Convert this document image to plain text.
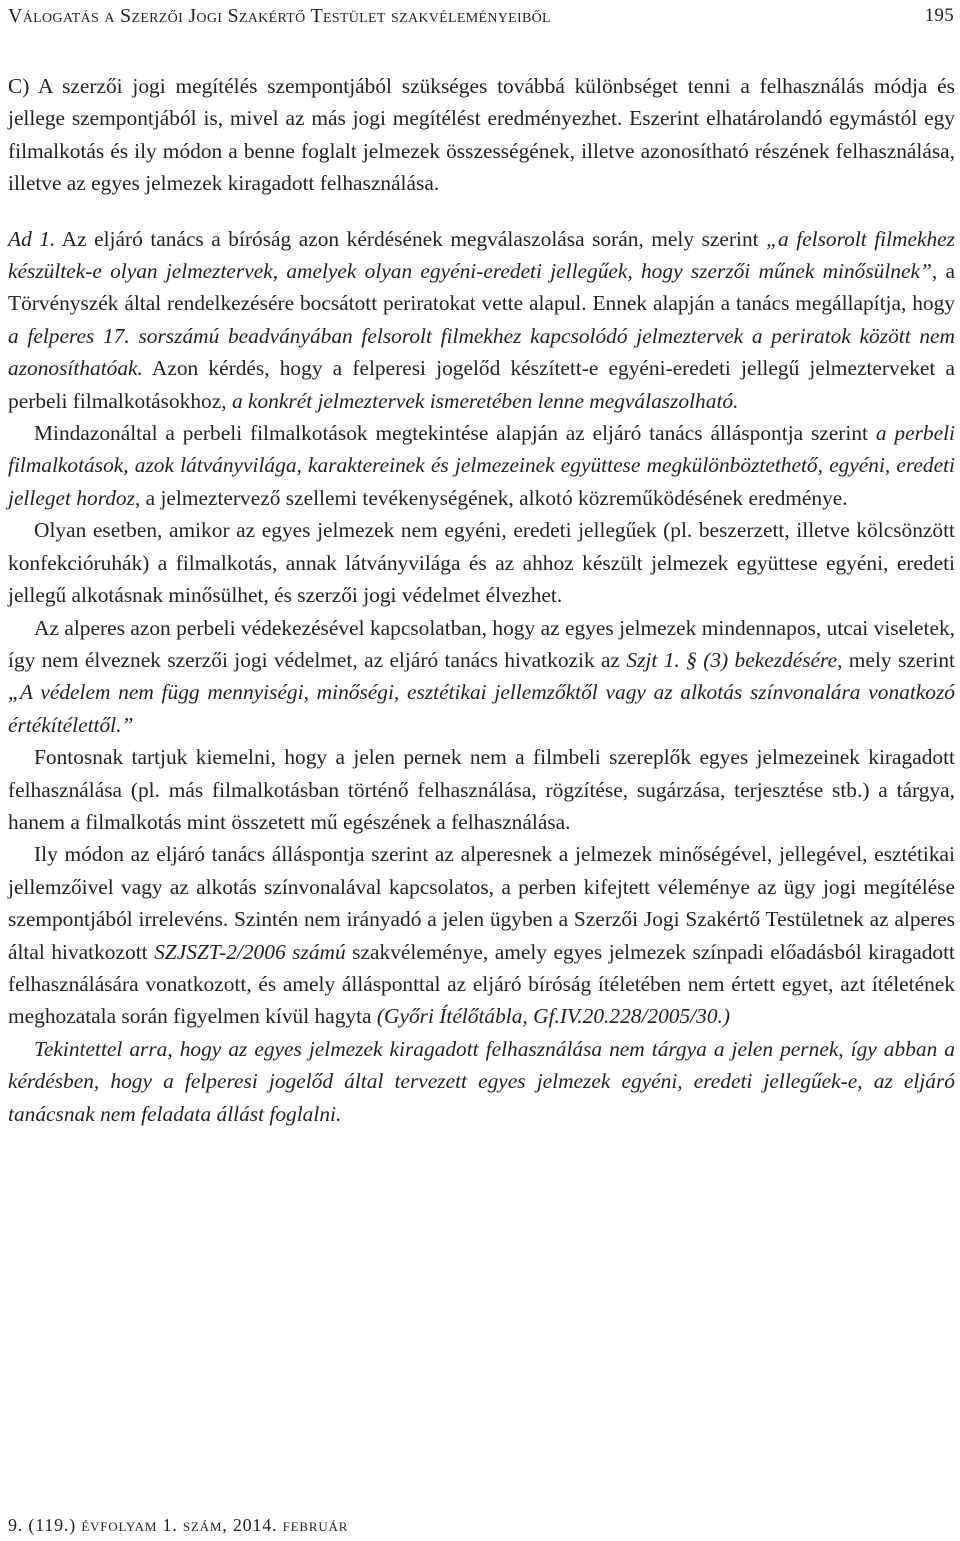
Válogatás a Szerzői Jogi Szakértő Testület szakvéleményeiből	195

C) A szerzői jogi megítélés szempontjából szükséges továbbá különbséget tenni a felhasználás módja és jellege szempontjából is, mivel az más jogi megítélést eredményezhet. Eszerint elhatárolandó egymástól egy filmalkotás és ily módon a benne foglalt jelmezek összességének, illetve azonosítható részének felhasználása, illetve az egyes jelmezek kiragadott felhasználása.

Ad 1. Az eljáró tanács a bíróság azon kérdésének megválaszolása során, mely szerint „a felsorolt filmekhez készültek-e olyan jelmeztervek, amelyek olyan egyéni-eredeti jellegűek, hogy szerzői műnek minősülnek”, a Törvényszék által rendelkezésére bocsátott periratokat vette alapul. Ennek alapján a tanács megállapítja, hogy a felperes 17. sorszámú beadványában felsorolt filmekhez kapcsolódó jelmeztervek a periratok között nem azonosíthatóak. Azon kérdés, hogy a felperesi jogelőd készített-e egyéni-eredeti jellegű jelmezterveket a perbeli filmalkotásokhoz, a konkrét jelmeztervek ismeretében lenne megválaszolható.

Mindazonáltal a perbeli filmalkotások megtekintése alapján az eljáró tanács álláspontja szerint a perbeli filmalkotások, azok látványvilága, karaktereinek és jelmezeinek együttese megkülönböztethető, egyéni, eredeti jelleget hordoz, a jelmeztervező szellemi tevékenységének, alkotó közreműködésének eredménye.

Olyan esetben, amikor az egyes jelmezek nem egyéni, eredeti jellegűek (pl. beszerzett, illetve kölcsönzött konfekcióruhák) a filmalkotás, annak látványvilága és az ahhoz készült jelmezek együttese egyéni, eredeti jellegű alkotásnak minősülhet, és szerzői jogi védelmet élvezhet.

Az alperes azon perbeli védekezésével kapcsolatban, hogy az egyes jelmezek mindennapos, utcai viseletek, így nem élveznek szerzői jogi védelmet, az eljáró tanács hivatkozik az Szjt 1. § (3) bekezdésére, mely szerint „A védelem nem függ mennyiségi, minőségi, esztétikai jellemzőktől vagy az alkotás színvonalára vonatkozó értékítélettől.”

Fontosnak tartjuk kiemelni, hogy a jelen pernek nem a filmbeli szereplők egyes jelmezeinek kiragadott felhasználása (pl. más filmalkotásban történő felhasználása, rögzítése, sugárzása, terjesztése stb.) a tárgya, hanem a filmalkotás mint összetett mű egészének a felhasználása.

Ily módon az eljáró tanács álláspontja szerint az alperesnek a jelmezek minőségével, jellegével, esztétikai jellemzőivel vagy az alkotás színvonalával kapcsolatos, a perben kifejtett véleménye az ügy jogi megítélése szempontjából irrelevéns. Szintén nem irányadó a jelen ügyben a Szerzői Jogi Szakértő Testületnek az alperes által hivatkozott SZJSZT-2/2006 számú szakvéleménye, amely egyes jelmezek színpadi előadásból kiragadott felhasználására vonatkozott, és amely állásponttal az eljáró bíróság ítéletében nem értett egyet, azt ítéletének meghozatala során figyelmen kívül hagyta (Győri Ítélőtábla, Gf.IV.20.228/2005/30.)

Tekintettel arra, hogy az egyes jelmezek kiragadott felhasználása nem tárgya a jelen pernek, így abban a kérdésben, hogy a felperesi jogelőd által tervezett egyes jelmezek egyéni, eredeti jellegűek-e, az eljáró tanácsnak nem feladata állást foglalni.

9. (119.) évfolyam 1. szám, 2014. február
